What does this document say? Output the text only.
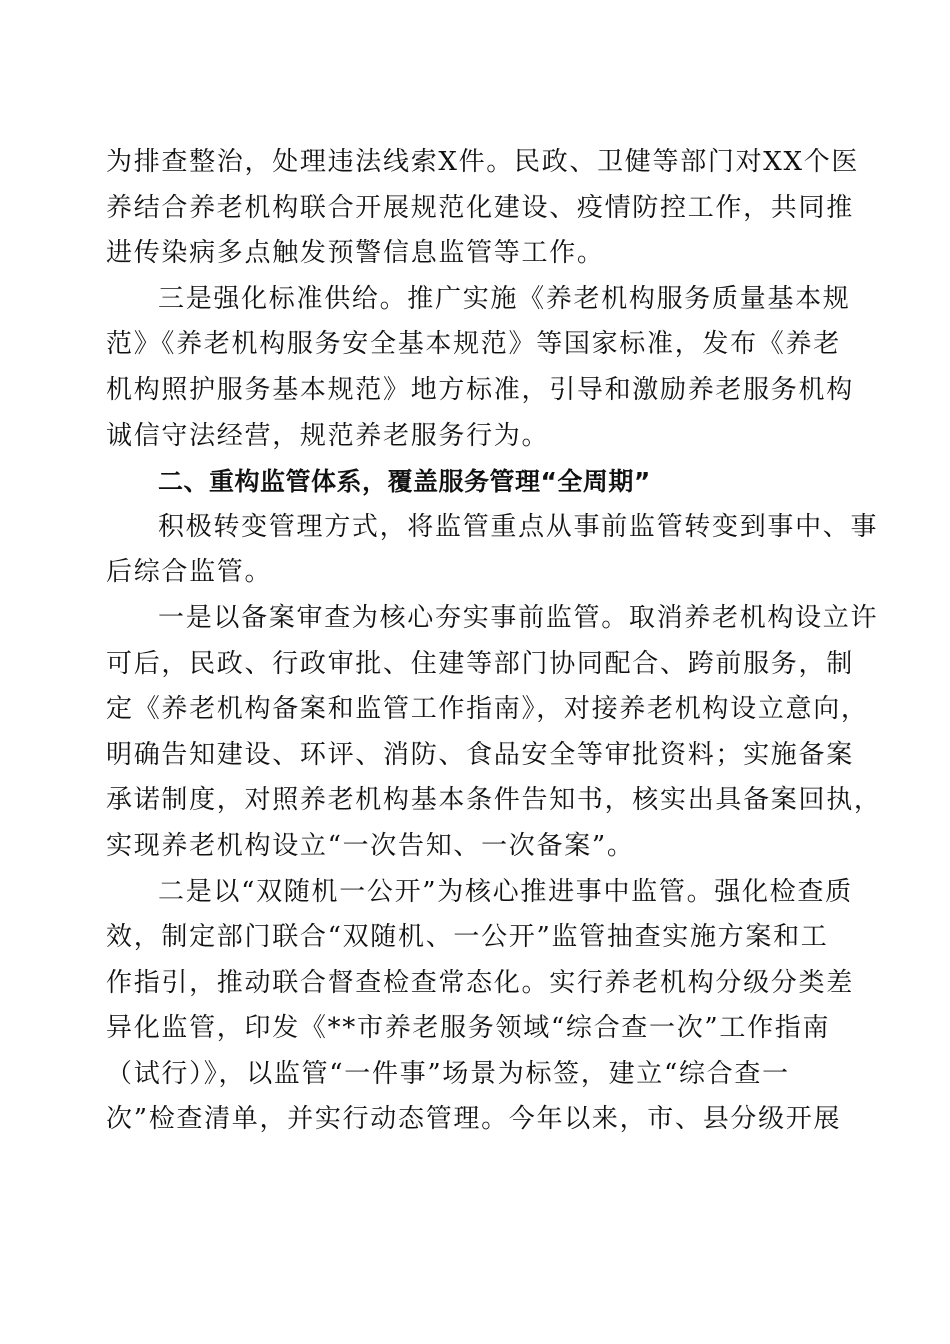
为排查整治，处理违法线索X件。民政、卫健等部门对XX个医
养结合养老机构联合开展规范化建设、疫情防控工作，共同推
进传染病多点触发预警信息监管等工作。
三是强化标准供给。推广实施《养老机构服务质量基本规
范》《养老机构服务安全基本规范》等国家标准，发布《养老
机构照护服务基本规范》地方标准，引导和激励养老服务机构
诚信守法经营，规范养老服务行为。
二、重构监管体系，覆盖服务管理“全周期”
积极转变管理方式，将监管重点从事前监管转变到事中、事
后综合监管。
一是以备案审查为核心夯实事前监管。取消养老机构设立许
可后，民政、行政审批、住建等部门协同配合、跨前服务，制
定《养老机构备案和监管工作指南》，对接养老机构设立意向，
明确告知建设、环评、消防、食品安全等审批资料；实施备案
承诺制度，对照养老机构基本条件告知书，核实出具备案回执，
实现养老机构设立“一次告知、一次备案”。
二是以“双随机一公开”为核心推进事中监管。强化检查质
效，制定部门联合“双随机、一公开”监管抽查实施方案和工
作指引，推动联合督查检查常态化。实行养老机构分级分类差
异化监管，印发《**市养老服务领域“综合查一次”工作指南
（试行）》，以监管“一件事”场景为标签，建立“综合查一
次”检查清单，并实行动态管理。今年以来，市、县分级开展
